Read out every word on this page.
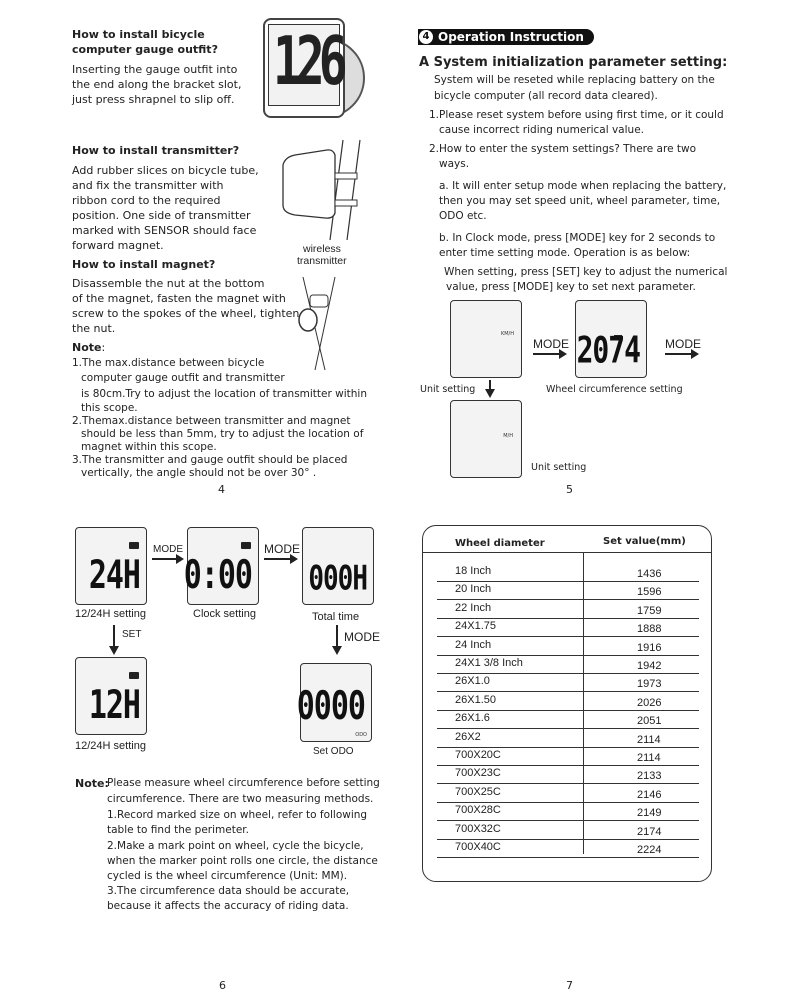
How to install bicycle
computer gauge outfit?
Inserting the gauge outfit into
the end along the bracket slot,
just press shrapnel to slip off. 126
How to install transmitter?
Add rubber slices on bicycle tube,
and fix the transmitter with
ribbon cord to the required
position. One side of transmitter
marked with SENSOR should face
forward magnet.	wireless
transmitter
How to install magnet?
Disassemble the nut at the bottom
of the magnet, fasten the magnet with
screw to the spokes of the wheel, tighten
the nut.
Note:
1.The max.distance between bicycle
computer gauge outfit and transmitter
is 80cm.Try to adjust the location of transmitter within
this scope.
2.Themax.distance between transmitter and magnet
should be less than 5mm, try to adjust the location of
magnet within this scope.
3.The transmitter and gauge outfit should be placed
vertically, the angle should not be over 30° .
4
4 Operation Instruction
A System initialization parameter setting:
System will be reseted while replacing battery on the
bicycle computer (all record data cleared).
1.Please reset system before using first time, or it could
cause incorrect riding numerical value.
2.How to enter the system settings? There are two
ways.
a. It will enter setup mode when replacing the battery,
then you may set speed unit, wheel parameter, time,
ODO etc.
b. In Clock mode, press [MODE] key for 2 seconds to
enter time setting mode. Operation is as below:
When setting, press [SET] key to adjust the numerical
value, press [MODE] key to set next parameter.
KM/H
MODE 2074 MODE
Unit setting	Wheel circumference setting
M/H
Unit setting
5
24H
MODE
0:00
MODE
000H
12/24H setting	Clock setting	Total time
SET	MODE
12H
12/24H setting
0000
ODO
Set ODO
Note:
Please measure wheel circumference before setting
circumference. There are two measuring methods.
1.Record marked size on wheel, refer to following
table to find the perimeter.
2.Make a mark point on wheel, cycle the bicycle,
when the marker point rolls one circle, the distance
cycled is the wheel circumference (Unit: MM).
3.The circumference data should be accurate,
because it affects the accuracy of riding data.
6
Wheel diameter	Set value(mm)
18 Inch	1436
20 Inch	1596
22 Inch	1759
24X1.75	1888
24 Inch	1916
24X1 3/8 Inch	1942
26X1.0	1973
26X1.50	2026
26X1.6	2051
26X2	2114
700X20C	2114
700X23C	2133
700X25C	2146
700X28C	2149
700X32C	2174
700X40C	2224
7
